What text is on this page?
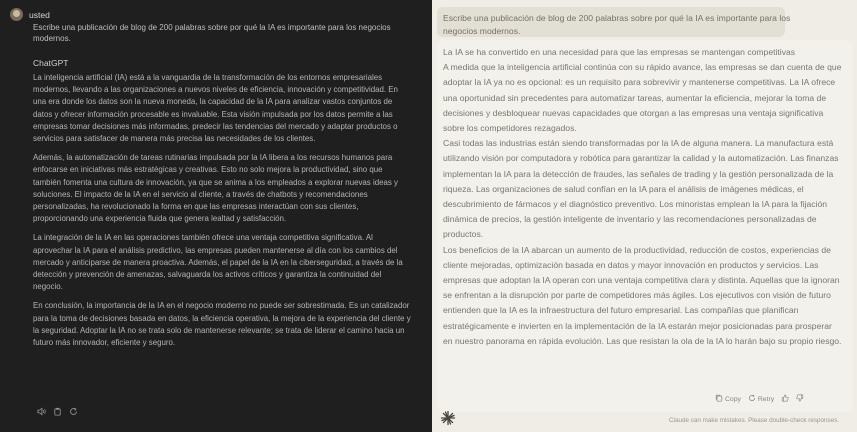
usted
Escribe una publicación de blog de 200 palabras sobre por qué la IA es importante para los negocios modernos.
ChatGPT

La inteligencia artificial (IA) está a la vanguardia de la transformación de los entornos empresariales modernos, llevando a las organizaciones a nuevos niveles de eficiencia, innovación y competitividad. En una era donde los datos son la nueva moneda, la capacidad de la IA para analizar vastos conjuntos de datos y ofrecer información procesable es invaluable. Esta visión impulsada por los datos permite a las empresas tomar decisiones más informadas, predecir las tendencias del mercado y adaptar productos o servicios para satisfacer de manera más precisa las necesidades de los clientes.

Además, la automatización de tareas rutinarias impulsada por la IA libera a los recursos humanos para enfocarse en iniciativas más estratégicas y creativas. Esto no solo mejora la productividad, sino que también fomenta una cultura de innovación, ya que se anima a los empleados a explorar nuevas ideas y soluciones. El impacto de la IA en el servicio al cliente, a través de chatbots y recomendaciones personalizadas, ha revolucionado la forma en que las empresas interactúan con sus clientes, proporcionando una experiencia fluida que genera lealtad y satisfacción.

La integración de la IA en las operaciones también ofrece una ventaja competitiva significativa. Al aprovechar la IA para el análisis predictivo, las empresas pueden mantenerse al día con los cambios del mercado y anticiparse de manera proactiva. Además, el papel de la IA en la ciberseguridad, a través de la detección y prevención de amenazas, salvaguarda los activos críticos y garantiza la continuidad del negocio.

En conclusión, la importancia de la IA en el negocio moderno no puede ser sobrestimada. Es un catalizador para la toma de decisiones basada en datos, la eficiencia operativa, la mejora de la experiencia del cliente y la seguridad. Adoptar la IA no se trata solo de mantenerse relevante; se trata de liderar el camino hacia un futuro más innovador, eficiente y seguro.

Escribe una publicación de blog de 200 palabras sobre por qué la IA es importante para los negocios modernos.

La IA se ha convertido en una necesidad para que las empresas se mantengan competitivas

A medida que la inteligencia artificial continúa con su rápido avance, las empresas se dan cuenta de que adoptar la IA ya no es opcional: es un requisito para sobrevivir y mantenerse competitivas. La IA ofrece una oportunidad sin precedentes para automatizar tareas, aumentar la eficiencia, mejorar la toma de decisiones y desbloquear nuevas capacidades que otorgan a las empresas una ventaja significativa sobre los competidores rezagados.

Casi todas las industrias están siendo transformadas por la IA de alguna manera. La manufactura está utilizando visión por computadora y robótica para garantizar la calidad y la automatización. Las finanzas implementan la IA para la detección de fraudes, las señales de trading y la gestión personalizada de la riqueza. Las organizaciones de salud confían en la IA para el análisis de imágenes médicas, el descubrimiento de fármacos y el diagnóstico preventivo. Los minoristas emplean la IA para la fijación dinámica de precios, la gestión inteligente de inventario y las recomendaciones personalizadas de productos.

Los beneficios de la IA abarcan un aumento de la productividad, reducción de costos, experiencias de cliente mejoradas, optimización basada en datos y mayor innovación en productos y servicios. Las empresas que adoptan la IA operan con una ventaja competitiva clara y distinta. Aquellas que la ignoran se enfrentan a la disrupción por parte de competidores más ágiles. Los ejecutivos con visión de futuro entienden que la IA es la infraestructura del futuro empresarial. Las compañías que planifican estratégicamente e invierten en la implementación de la IA estarán mejor posicionadas para prosperar en nuestro panorama en rápida evolución. Las que resistan la ola de la IA lo harán bajo su propio riesgo.

Copy	Retry
Claude can make mistakes. Please double-check responses.
